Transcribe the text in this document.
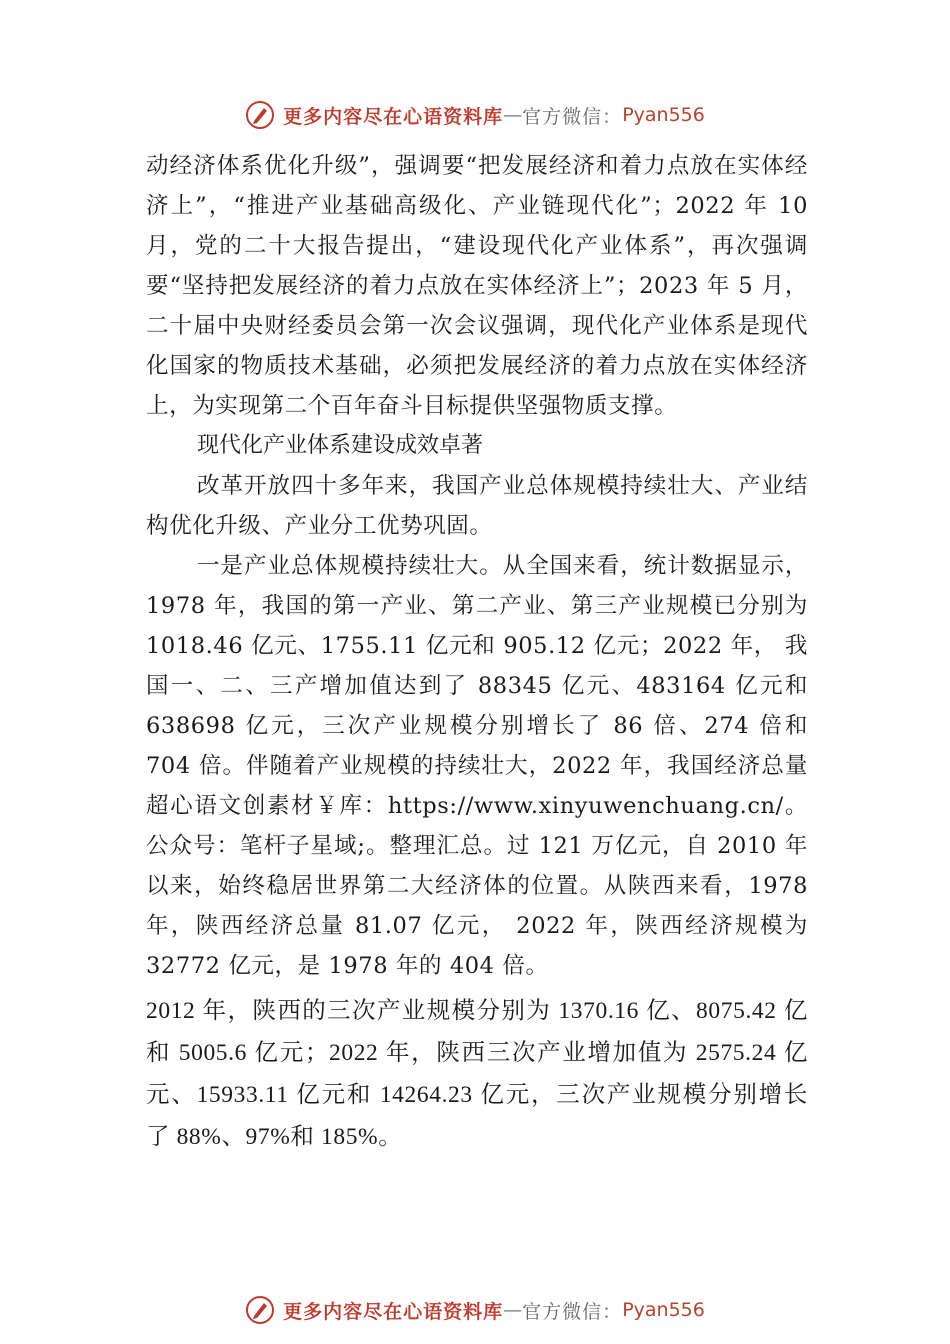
更多内容尽在心语资料库 — 官方微信： Pyan556

动经济体系优化升级”，强调要“把发展经济和着力点放在实体经济上”，“推进产业基础高级化、产业链现代化”；2022 年 10 月，党的二十大报告提出，“建设现代化产业体系”，再次强调要“坚持把发展经济的着力点放在实体经济上”；2023 年 5 月，二十届中央财经委员会第一次会议强调，现代化产业体系是现代化国家的物质技术基础，必须把发展经济的着力点放在实体经济上，为实现第二个百年奋斗目标提供坚强物质支撑。

现代化产业体系建设成效卓著

改革开放四十多年来，我国产业总体规模持续壮大、产业结构优化升级、产业分工优势巩固。

一是产业总体规模持续壮大。从全国来看，统计数据显示，1978 年，我国的第一产业、第二产业、第三产业规模已分别为 1018.46 亿元、1755.11 亿元和 905.12 亿元；2022 年， 我国一、二、三产增加值达到了 88345 亿元、483164 亿元和 638698 亿元，三次产业规模分别增长了 86 倍、274 倍和 704 倍。伴随着产业规模的持续壮大，2022 年，我国经济总量超心语文创素材￥库：https://www.xinyuwenchuang.cn/。公众号：笔杆子星域;。整理汇总。过 121 万亿元，自 2010 年以来，始终稳居世界第二大经济体的位置。从陕西来看，1978 年，陕西经济总量 81.07 亿元， 2022 年，陕西经济规模为 32772 亿元，是 1978 年的 404 倍。

2012 年，陕西的三次产业规模分别为 1370.16 亿、8075.42 亿和 5005.6 亿元；2022 年，陕西三次产业增加值为 2575.24 亿元、15933.11 亿元和 14264.23 亿元，三次产业规模分别增长了 88%、97%和 185%。

更多内容尽在心语资料库 — 官方微信： Pyan556
